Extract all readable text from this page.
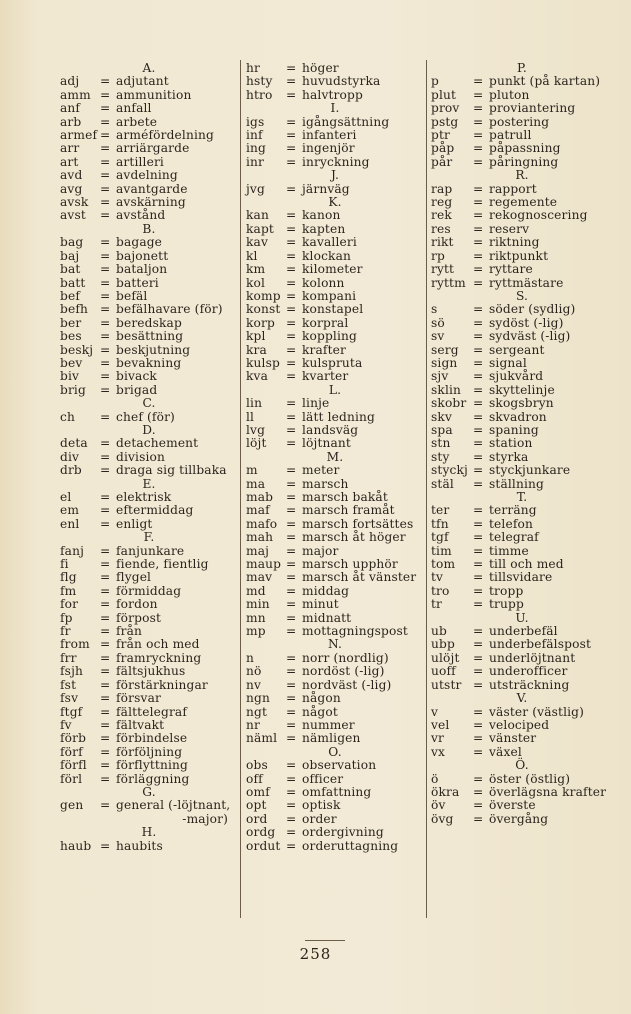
A.
adj	= adjutant
amm = ammunition
anf	= anfall
arb	= arbete
armef = arméfördelning
arr	= arriärgarde
art	= artilleri
avd	= avdelning
avg	= avantgarde
avsk = avskärning
avst	= avstånd
B.
bag	= bagage
baj	= bajonett
bat	= bataljon
batt	= batteri
bef	= befäl
befh = befälhavare (för)
ber	= beredskap
bes	= besättning
beskj = beskjutning
bev	= bevakning
biv	= bivack
brig	= brigad
C.
ch	= chef (för)
D.
deta	= detachement
div	= division
drb	= draga sig tillbaka
E.
el	= elektrisk
em	= eftermiddag
enl	= enligt
F.
fanj	= fanjunkare
fi	= fiende, fientlig
flg	= flygel
fm	= förmiddag
for	= fordon
fp	= förpost
fr	= från
from = från och med
frr	= framryckning
fsjh	= fältsjukhus
fst	= förstärkningar
fsv	= försvar
ftgf	= fälttelegraf
fv	= fältvakt
förb	= förbindelse
förf	= förföljning
förfl	= förflyttning
förl	= förläggning
G.
gen	= general (-löjtnant,
-major)
H.
haub = haubits
hr	= höger
hsty	= huvudstyrka
htro	= halvtropp
I.
igs	= igångsättning
inf	= infanteri
ing	= ingenjör
inr	= inryckning
J.
jvg	= järnväg
K.
kan	= kanon
kapt = kapten
kav	= kavalleri
kl	= klockan
km	= kilometer
kol	= kolonn
komp = kompani
konst = konstapel
korp = korpral
kpl	= koppling
kra	= krafter
kulsp = kulspruta
kva	= kvarter
L.
lin	= linje
ll	= lätt ledning
lvg	= landsväg
löjt	= löjtnant
M.
m	= meter
ma	= marsch
mab	= marsch bakåt
maf	= marsch framåt
mafo = marsch fortsättes
mah	= marsch åt höger
maj	= major
maup = marsch upphör
mav	= marsch åt vänster
md	= middag
min	= minut
mn	= midnatt
mp	= mottagningspost
N.
n	= norr (nordlig)
nö	= nordöst (-lig)
nv	= nordväst (-lig)
ngn	= någon
ngt	= något
nr	= nummer
näml = nämligen
O.
obs	= observation
off	= officer
omf	= omfattning
opt	= optisk
ord	= order
ordg = ordergivning
ordut = orderuttagning
P.
p	= punkt (på kartan)
plut	= pluton
prov	= proviantering
pstg	= postering
ptr	= patrull
påp	= påpassning
pår	= påringning
R.
rap	= rapport
reg	= regemente
rek	= rekognoscering
res	= reserv
rikt	= riktning
rp	= riktpunkt
rytt	= ryttare
ryttm = ryttmästare
S.
s	= söder (sydlig)
sö	= sydöst (-lig)
sv	= sydväst (-lig)
serg	= sergeant
sign	= signal
sjv	= sjukvård
sklin = skyttelinje
skobr = skogsbryn
skv	= skvadron
spa	= spaning
stn	= station
sty	= styrka
styckj = styckjunkare
stäl	= ställning
T.
ter	= terräng
tfn	= telefon
tgf	= telegraf
tim	= timme
tom	= till och med
tv	= tillsvidare
tro	= tropp
tr	= trupp
U.
ub	= underbefäl
ubp	= underbefälspost
ulöjt	= underlöjtnant
uoff	= underofficer
utstr = utsträckning
V.
v	= väster (västlig)
vel	= velociped
vr	= vänster
vx	= växel
Ö.
ö	= öster (östlig)
ökra	= överlägsna krafter
öv	= överste
övg	= övergång
258
